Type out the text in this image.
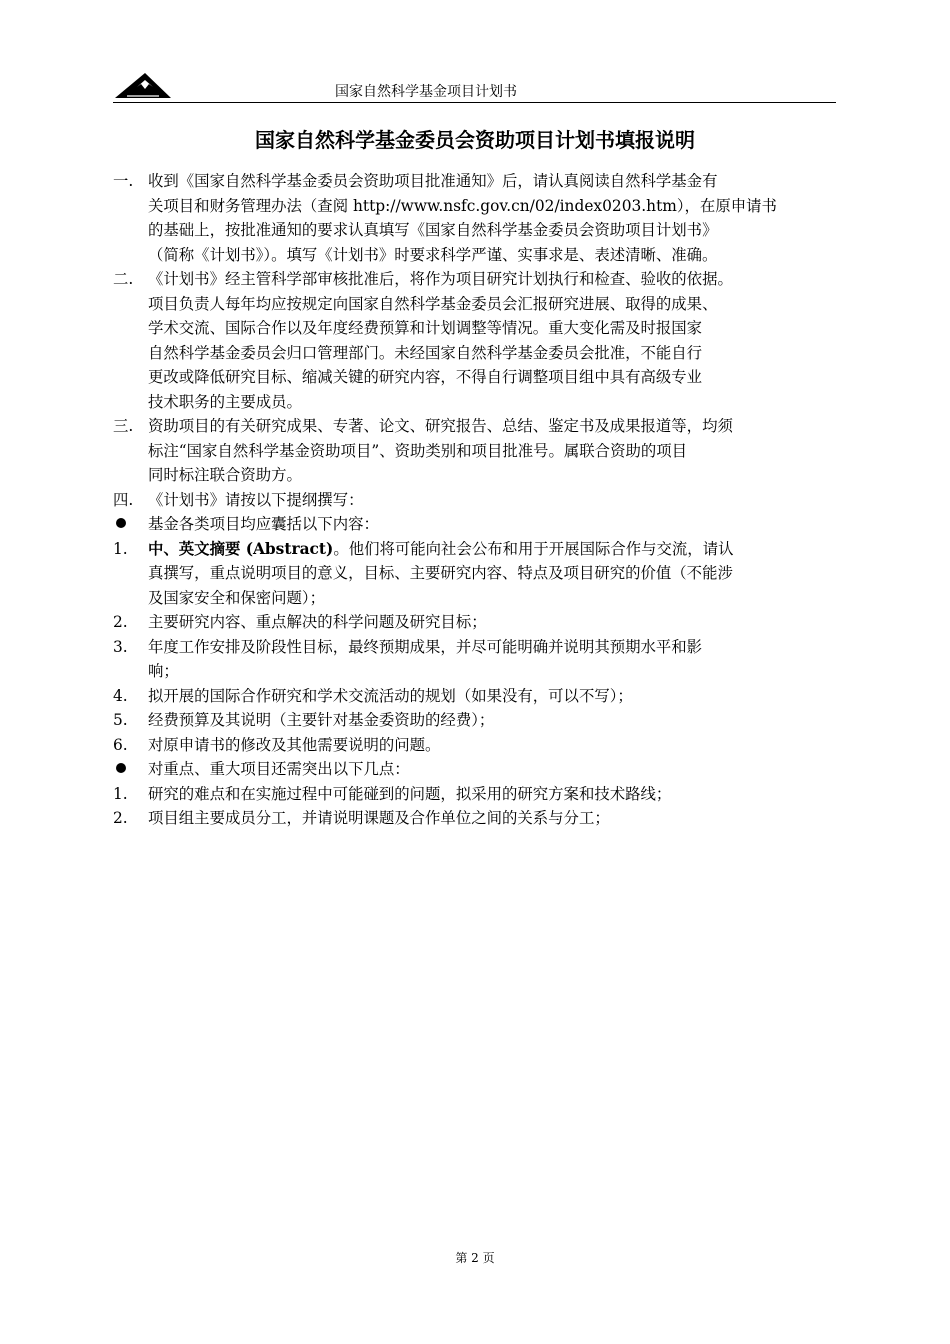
国家自然科学基金项目计划书
国家自然科学基金委员会资助项目计划书填报说明
一. 收到《国家自然科学基金委员会资助项目批准通知》后，请认真阅读自然科学基金有
关项目和财务管理办法（查阅 http://www.nsfc.gov.cn/02/index0203.htm），在原申请书
的基础上，按批准通知的要求认真填写《国家自然科学基金委员会资助项目计划书》
（简称《计划书》）。填写《计划书》时要求科学严谨、实事求是、表述清晰、准确。
二. 《计划书》经主管科学部审核批准后，将作为项目研究计划执行和检查、验收的依据。
项目负责人每年均应按规定向国家自然科学基金委员会汇报研究进展、取得的成果、
学术交流、国际合作以及年度经费预算和计划调整等情况。重大变化需及时报国家
自然科学基金委员会归口管理部门。未经国家自然科学基金委员会批准，不能自行
更改或降低研究目标、缩减关键的研究内容，不得自行调整项目组中具有高级专业
技术职务的主要成员。
三. 资助项目的有关研究成果、专著、论文、研究报告、总结、鉴定书及成果报道等，均须
标注“国家自然科学基金资助项目”、资助类别和项目批准号。属联合资助的项目
同时标注联合资助方。
四. 《计划书》请按以下提纲撰写：
基金各类项目均应囊括以下内容：
1.	中、英文摘要 (Abstract)。他们将可能向社会公布和用于开展国际合作与交流，请认
真撰写，重点说明项目的意义，目标、主要研究内容、特点及项目研究的价值（不能涉
及国家安全和保密问题）；
2.	主要研究内容、重点解决的科学问题及研究目标；
3.	年度工作安排及阶段性目标，最终预期成果，并尽可能明确并说明其预期水平和影
响；
4.	拟开展的国际合作研究和学术交流活动的规划（如果没有，可以不写）；
5.	经费预算及其说明（主要针对基金委资助的经费）；
6.	对原申请书的修改及其他需要说明的问题。
对重点、重大项目还需突出以下几点：
1.	研究的难点和在实施过程中可能碰到的问题，拟采用的研究方案和技术路线；
2.	项目组主要成员分工，并请说明课题及合作单位之间的关系与分工；
第 2 页
